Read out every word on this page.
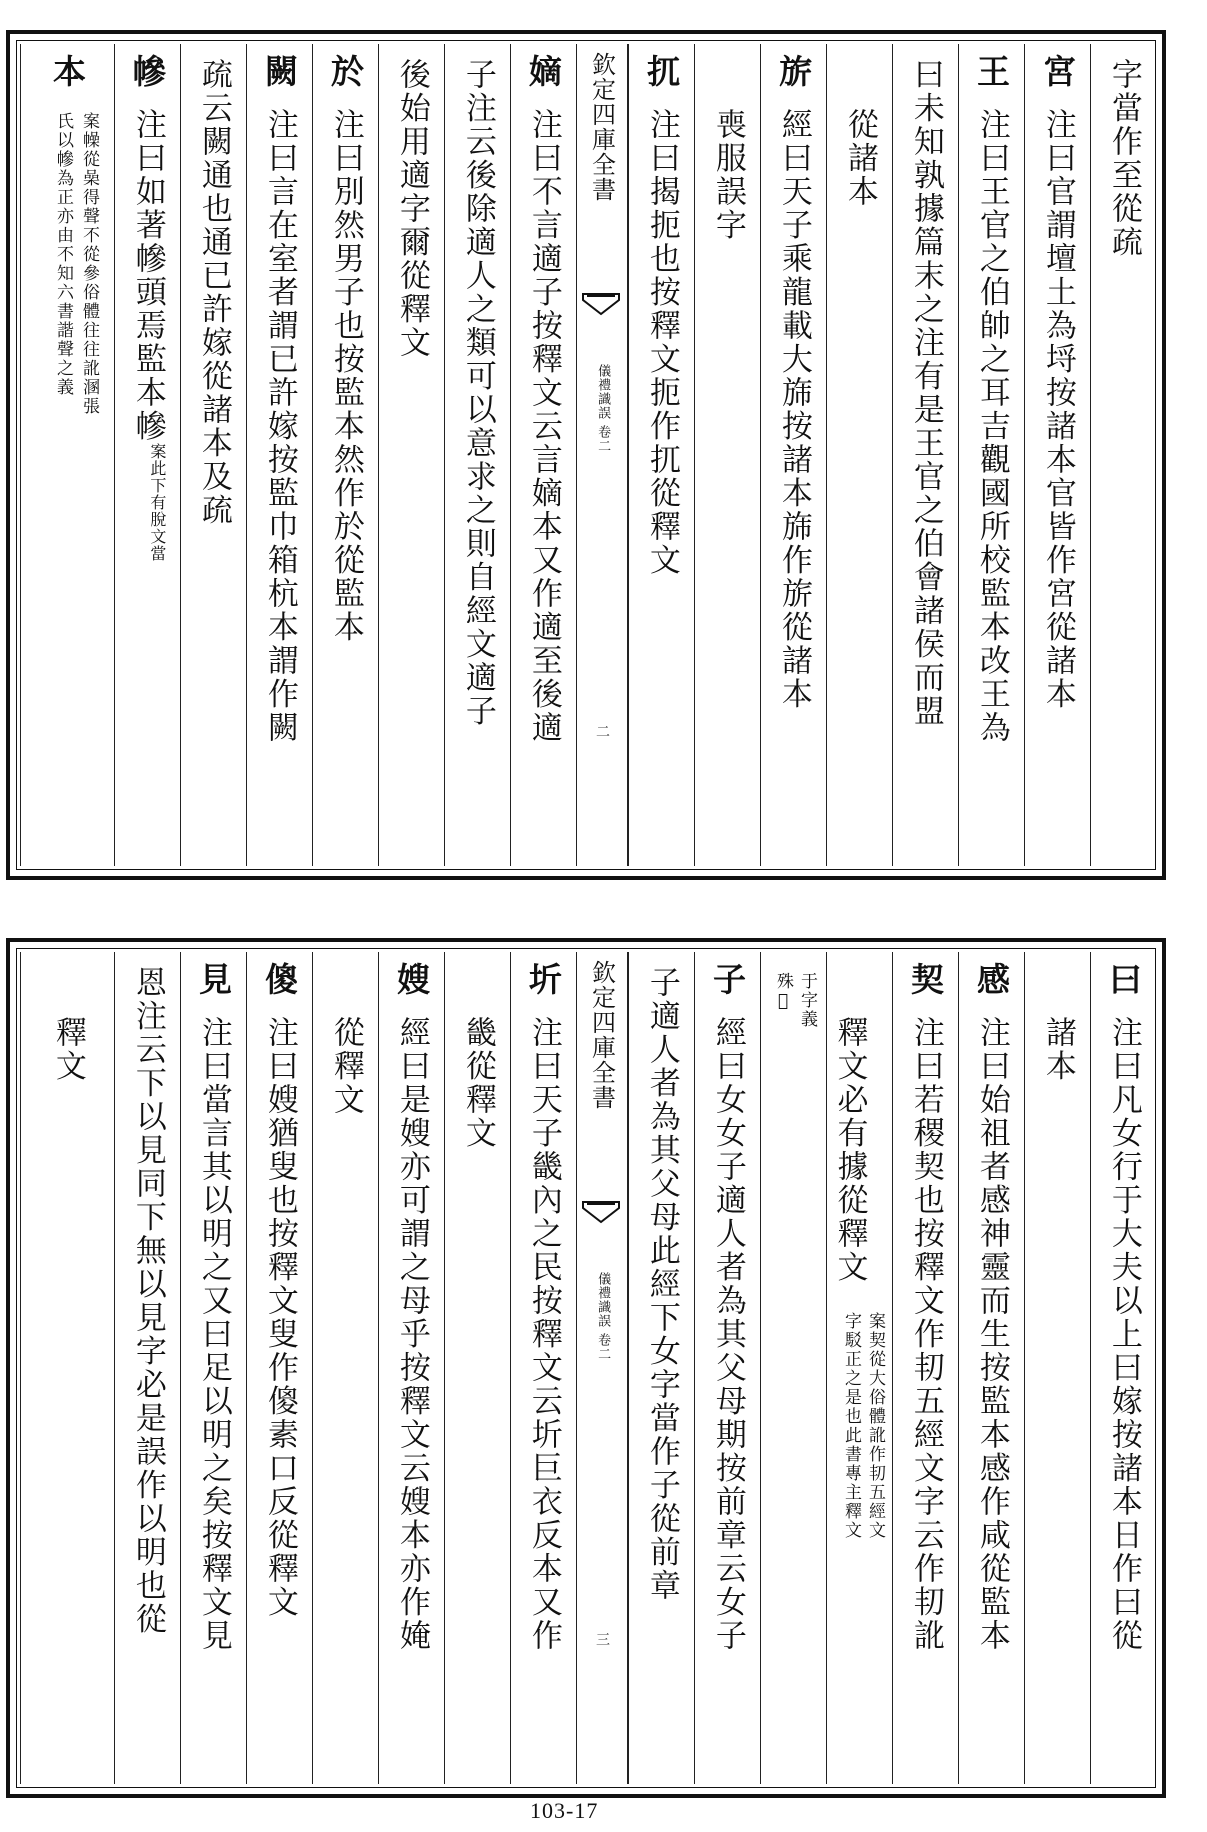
字當作至從疏
宮
注曰官謂壇土為埒按諸本官皆作宮從諸本
王
注曰王官之伯帥之耳吉觀國所校監本改王為
曰未知孰據篇末之注有是王官之伯會諸侯而盟
從諸本
旂
經曰天子乘龍載大旆按諸本旆作旂從諸本
喪服誤字
扤
注曰揭扼也按釋文扼作扤從釋文
欽定四庫全書
儀禮識誤 卷二
二
嫡
注曰不言適子按釋文云言嫡本又作適至後適
子注云後除適人之類可以意求之則自經文適子
後始用適字爾從釋文
於
注曰別然男子也按監本然作於從監本
闕
注曰言在室者謂已許嫁按監巾箱杭本謂作闕
疏云闕通也通已許嫁從諸本及疏
幓
注曰如著幓頭焉監本幓案此下有脫文當
本
案幧從喿得聲不從參俗體往往訛溷張
氏以幓為正亦由不知六書諧聲之義
曰
注曰凡女行于大夫以上曰嫁按諸本日作曰從
諸本
感
注曰始祖者感神靈而生按監本感作咸從監本
契
注曰若稷契也按釋文作㓞五經文字云作㓞訛
釋文必有據從釋文
案契從大俗體訛作㓞五經文
字駁正之是也此書專主釋文
于字義
殊𨖚
子
經曰女女子適人者為其父母期按前章云女子
子適人者為其父母此經下女字當作子從前章
欽定四庫全書
儀禮識誤 卷二
三
圻
注曰天子畿內之民按釋文云圻巨衣反本又作
畿從釋文
嫂
經曰是嫂亦可謂之母乎按釋文云嫂本亦作㛪
從釋文
傻
注曰嫂猶叟也按釋文叟作傻素口反從釋文
見
注曰當言其以明之又曰足以明之矣按釋文見
恩注云下以見同下無以見字必是誤作以明也從
釋文
103-17
